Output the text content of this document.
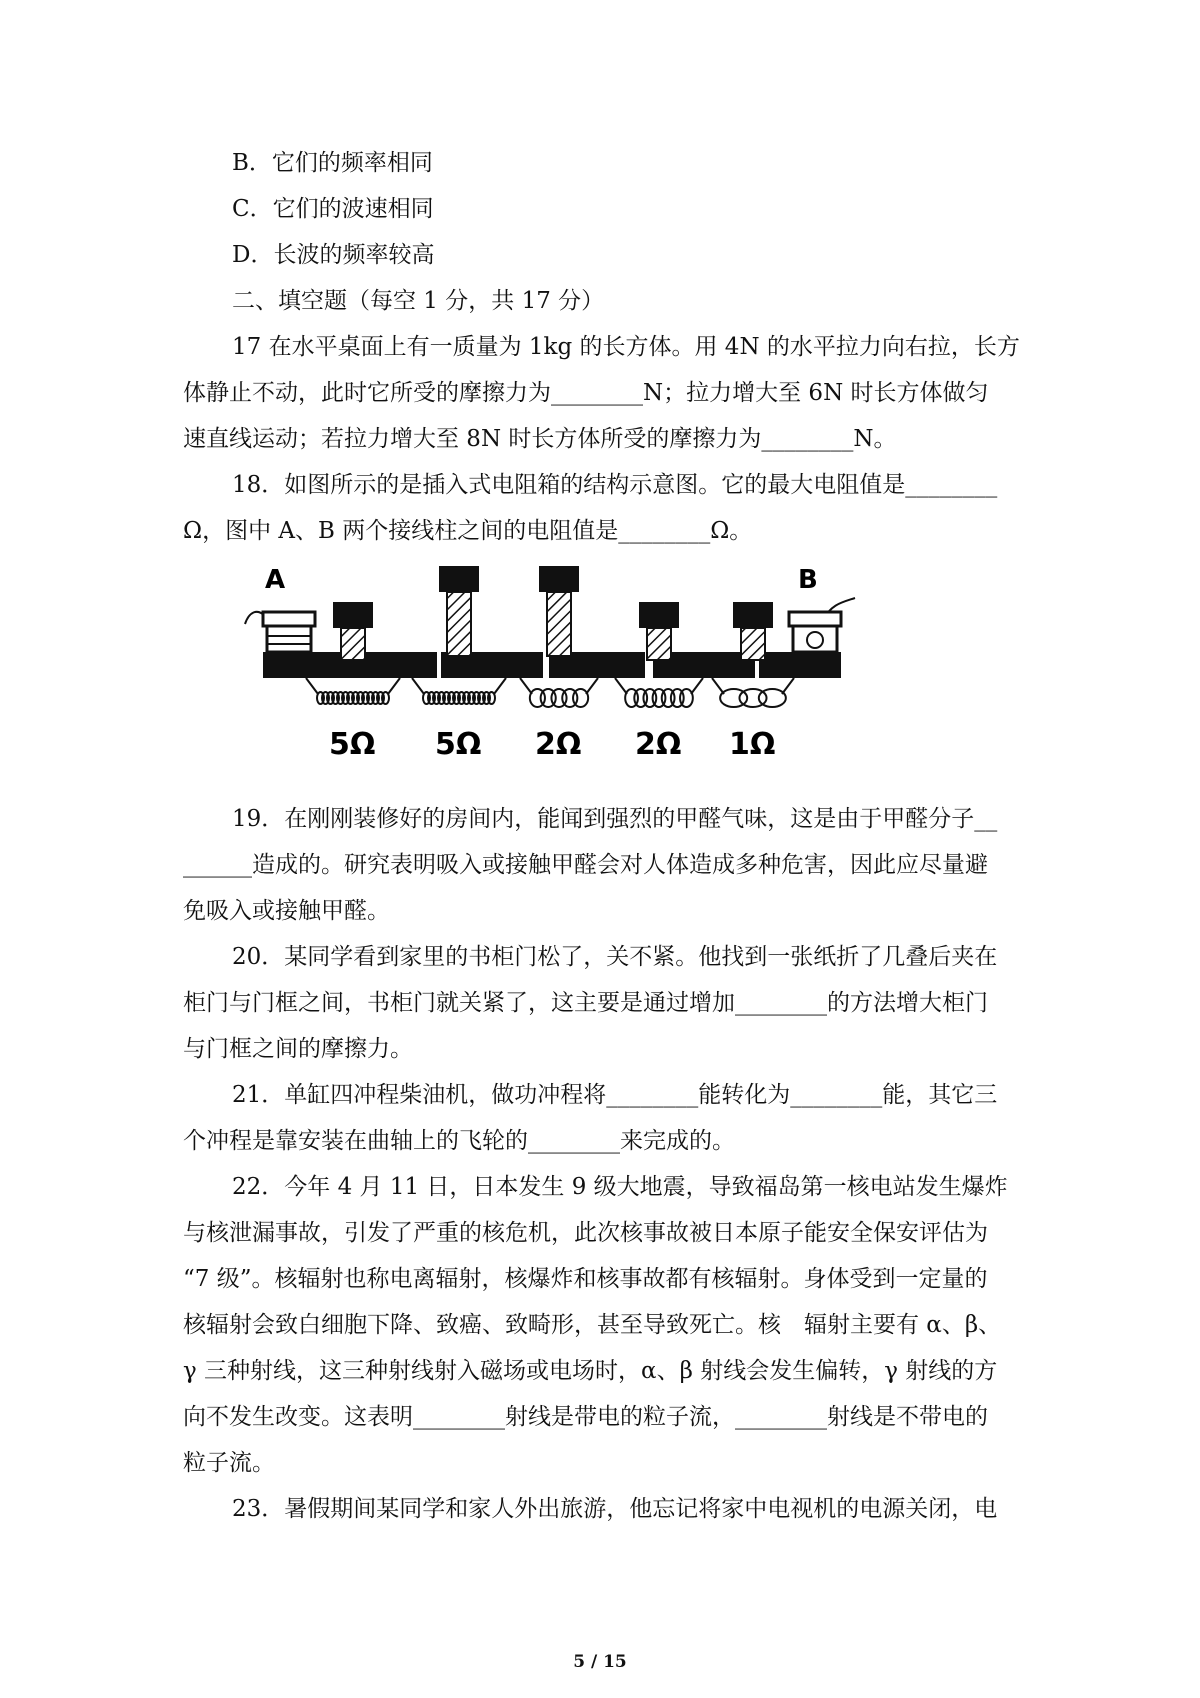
B．它们的频率相同
C．它们的波速相同
D．长波的频率较高
二、填空题（每空 1 分，共 17 分）
17 在水平桌面上有一质量为 1kg 的长方体。用 4N 的水平拉力向右拉，长方
体静止不动，此时它所受的摩擦力为________N；拉力增大至 6N 时长方体做匀
速直线运动；若拉力增大至 8N 时长方体所受的摩擦力为________N。
18．如图所示的是插入式电阻箱的结构示意图。它的最大电阻值是________
Ω，图中 A、B 两个接线柱之间的电阻值是________Ω。
A	B
5Ω 5Ω 2Ω 2Ω 1Ω
19．在刚刚装修好的房间内，能闻到强烈的甲醛气味，这是由于甲醛分子__
______造成的。研究表明吸入或接触甲醛会对人体造成多种危害，因此应尽量避
免吸入或接触甲醛。
20．某同学看到家里的书柜门松了，关不紧。他找到一张纸折了几叠后夹在
柜门与门框之间，书柜门就关紧了，这主要是通过增加________的方法增大柜门
与门框之间的摩擦力。
21．单缸四冲程柴油机，做功冲程将________能转化为________能，其它三
个冲程是靠安装在曲轴上的飞轮的________来完成的。
22．今年 4 月 11 日，日本发生 9 级大地震，导致福岛第一核电站发生爆炸
与核泄漏事故，引发了严重的核危机，此次核事故被日本原子能安全保安评估为
“7 级”。核辐射也称电离辐射，核爆炸和核事故都有核辐射。身体受到一定量的
核辐射会致白细胞下降、致癌、致畸形，甚至导致死亡。核　辐射主要有 α、β、
γ 三种射线，这三种射线射入磁场或电场时，α、β 射线会发生偏转，γ 射线的方
向不发生改变。这表明________射线是带电的粒子流，________射线是不带电的
粒子流。
23．暑假期间某同学和家人外出旅游，他忘记将家中电视机的电源关闭，电
5 / 15
